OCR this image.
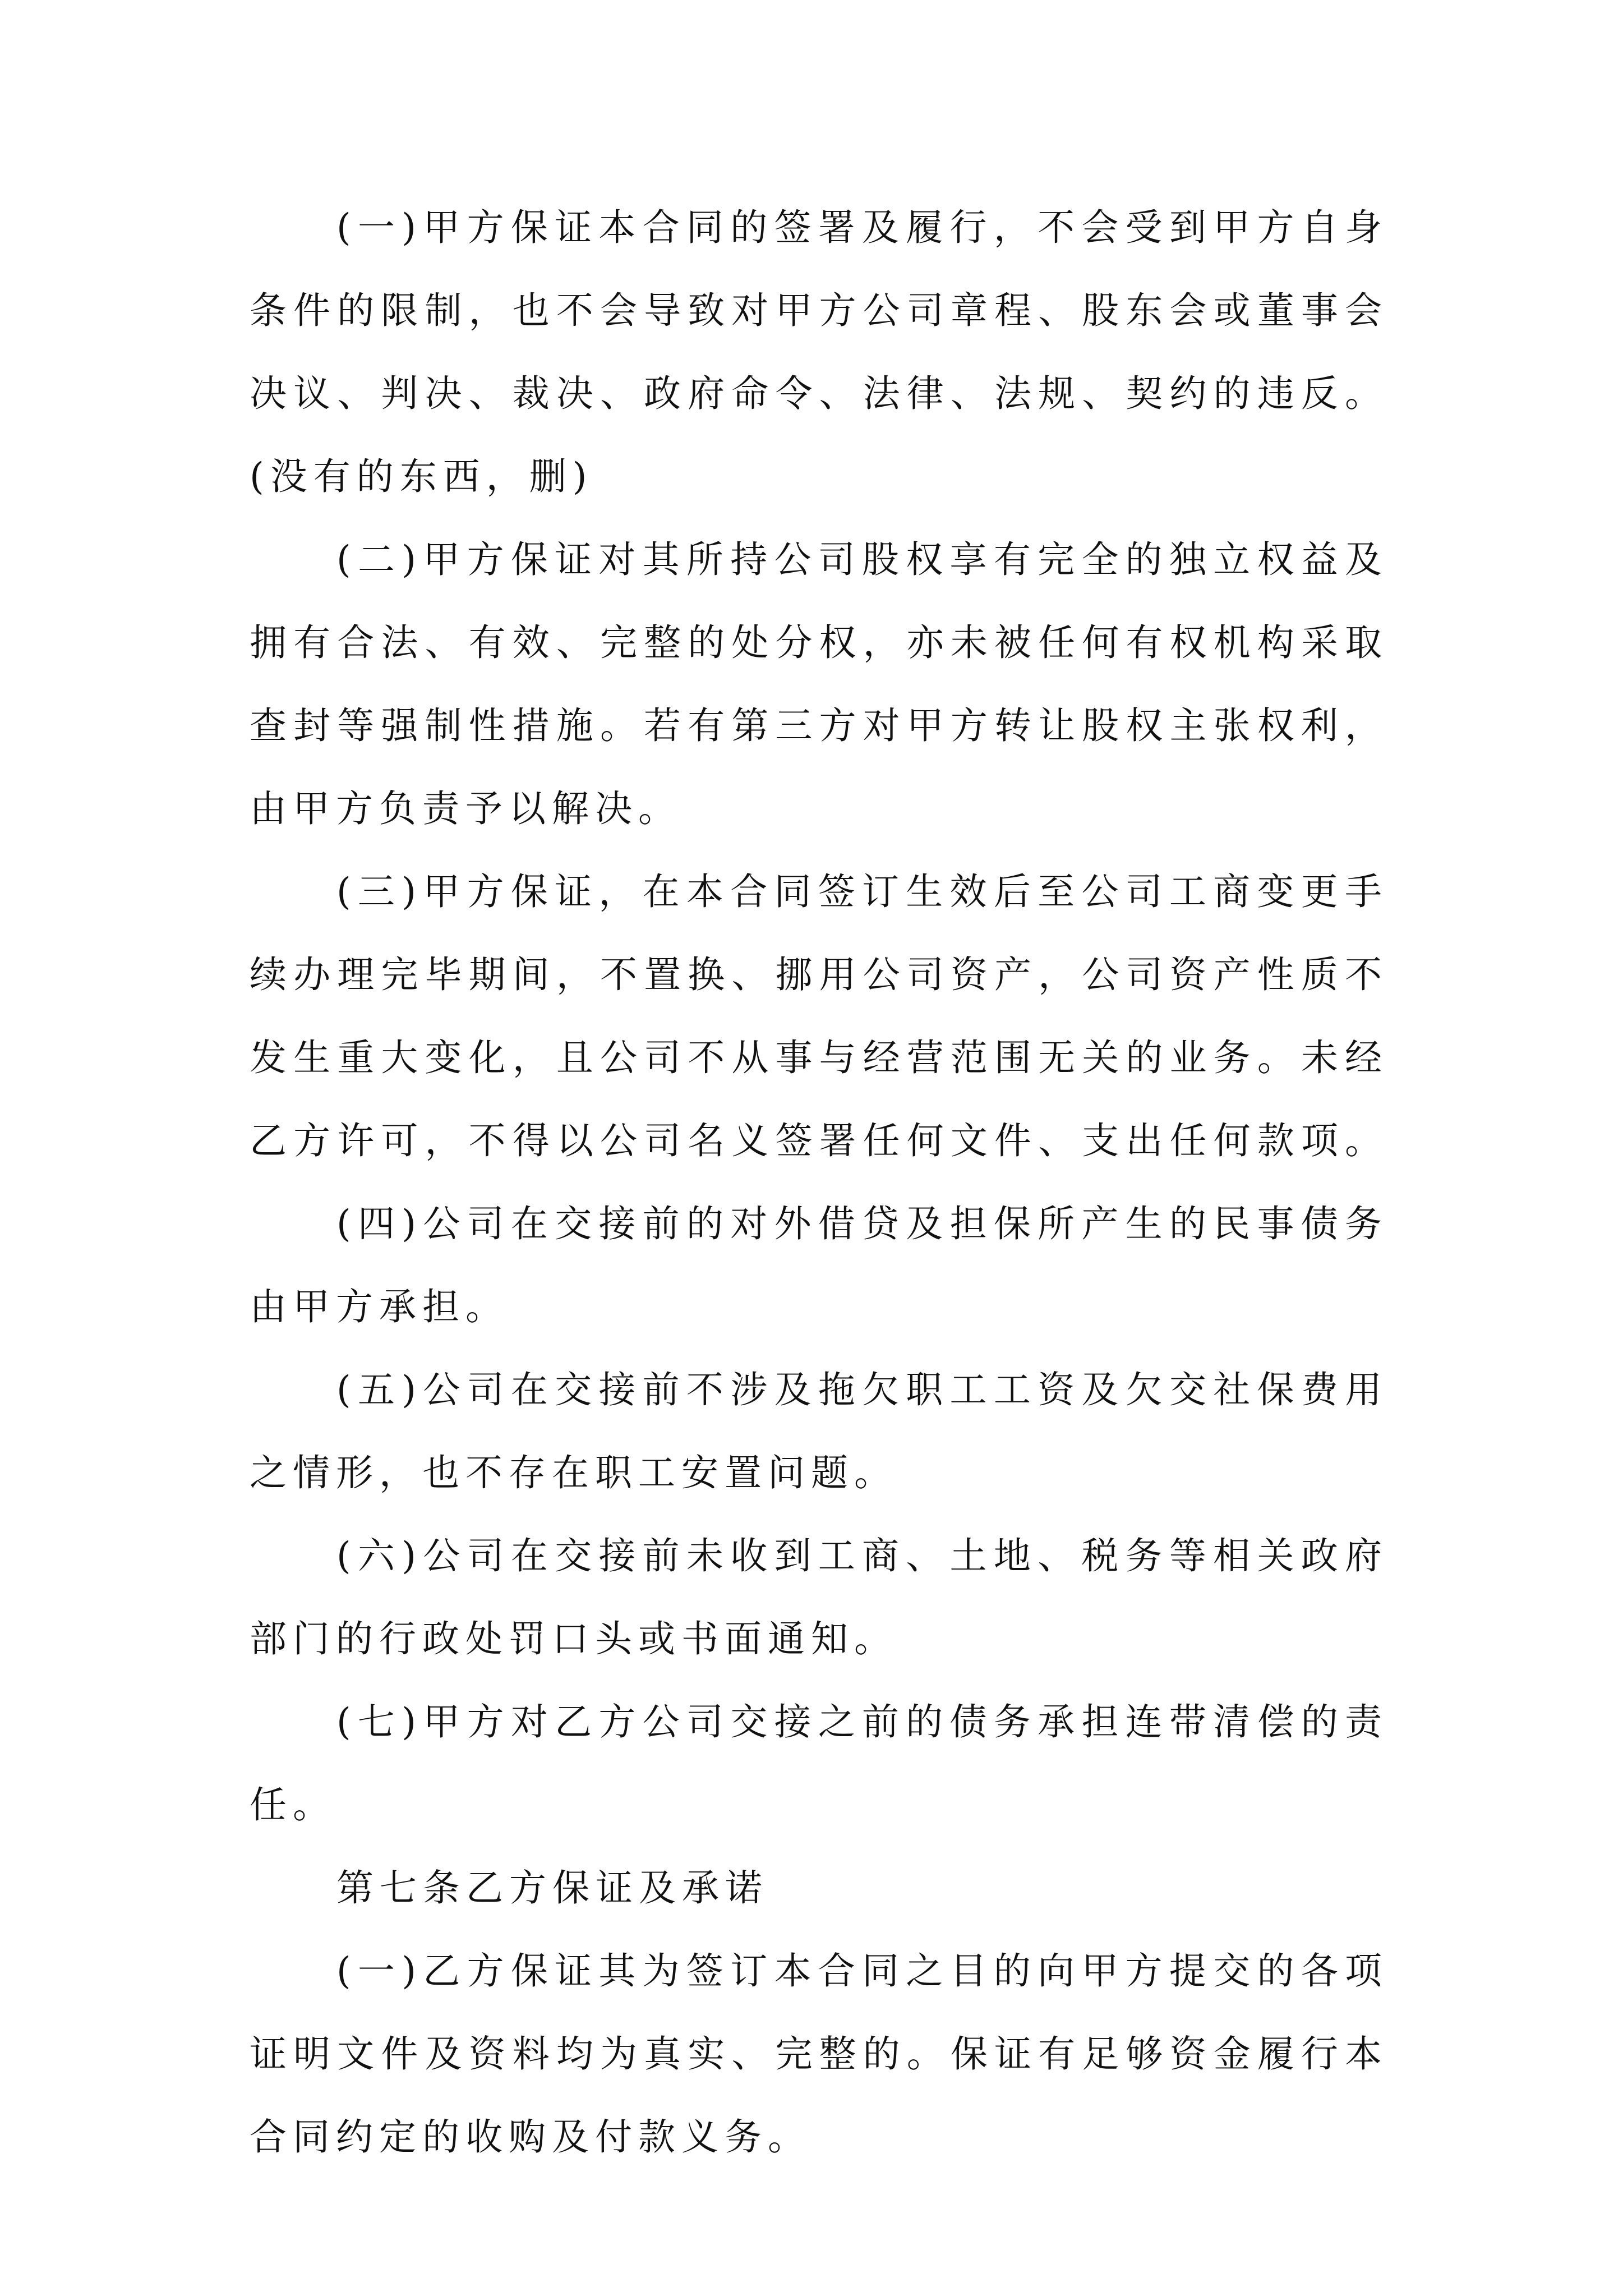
(一)甲方保证本合同的签署及履行，不会受到甲方自身
条件的限制，也不会导致对甲方公司章程、股东会或董事会
决议、判决、裁决、政府命令、法律、法规、契约的违反。
(没有的东西，删)
(二)甲方保证对其所持公司股权享有完全的独立权益及
拥有合法、有效、完整的处分权，亦未被任何有权机构采取
查封等强制性措施。若有第三方对甲方转让股权主张权利，
由甲方负责予以解决。
(三)甲方保证，在本合同签订生效后至公司工商变更手
续办理完毕期间，不置换、挪用公司资产，公司资产性质不
发生重大变化，且公司不从事与经营范围无关的业务。未经
乙方许可，不得以公司名义签署任何文件、支出任何款项。
(四)公司在交接前的对外借贷及担保所产生的民事债务
由甲方承担。
(五)公司在交接前不涉及拖欠职工工资及欠交社保费用
之情形，也不存在职工安置问题。
(六)公司在交接前未收到工商、土地、税务等相关政府
部门的行政处罚口头或书面通知。
(七)甲方对乙方公司交接之前的债务承担连带清偿的责
任。
第七条乙方保证及承诺
(一)乙方保证其为签订本合同之目的向甲方提交的各项
证明文件及资料均为真实、完整的。保证有足够资金履行本
合同约定的收购及付款义务。
